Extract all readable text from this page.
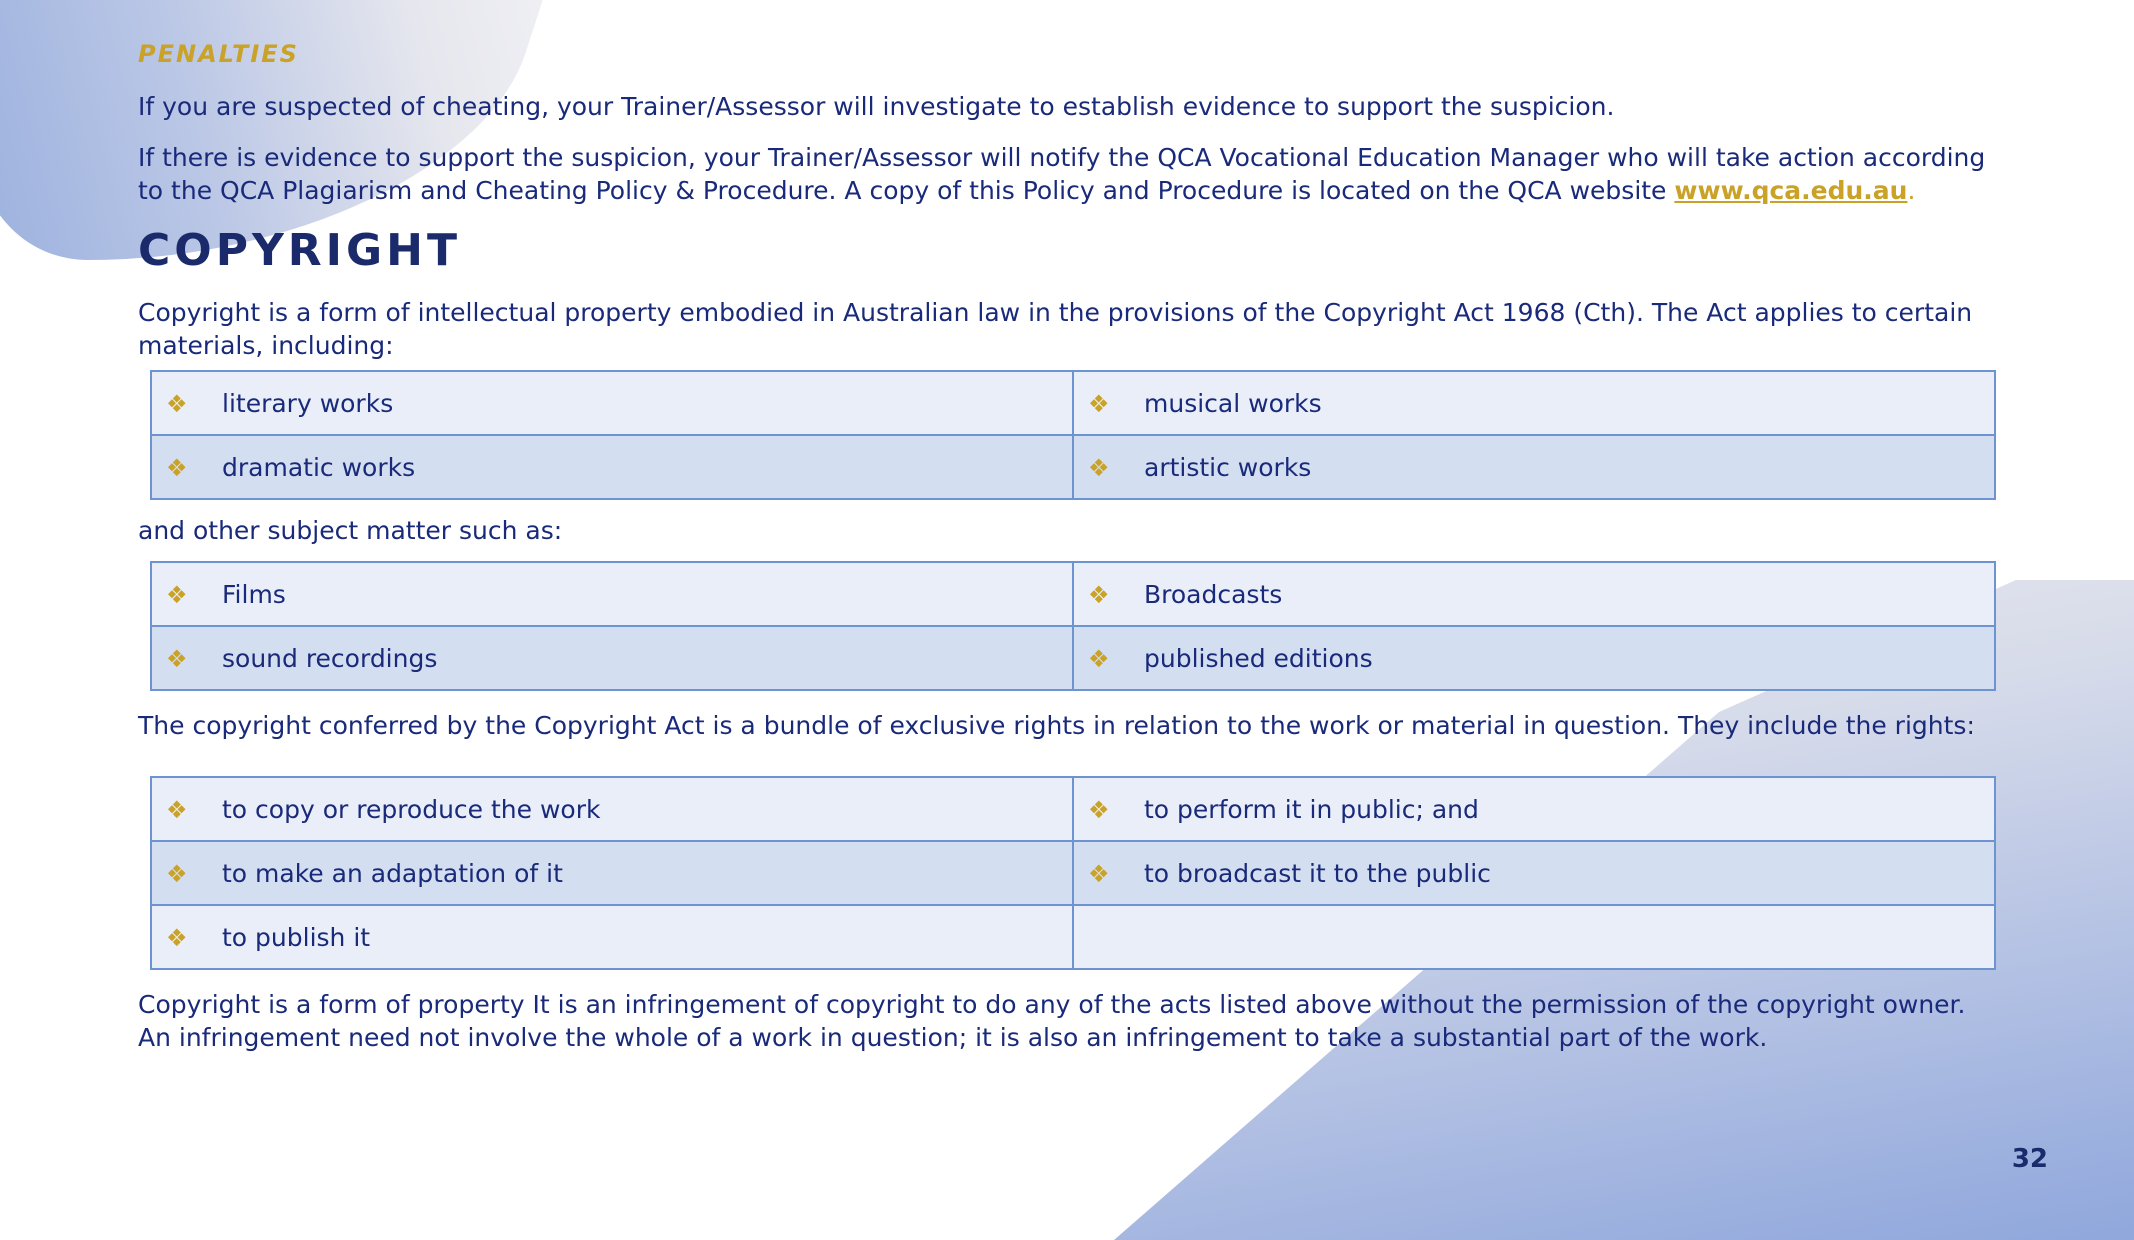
PENALTIES

If you are suspected of cheating, your Trainer/Assessor will investigate to establish evidence to support the suspicion.

If there is evidence to support the suspicion, your Trainer/Assessor will notify the QCA Vocational Education Manager who will take action according to the QCA Plagiarism and Cheating Policy & Procedure. A copy of this Policy and Procedure is located on the QCA website www.qca.edu.au.

COPYRIGHT

Copyright is a form of intellectual property embodied in Australian law in the provisions of the Copyright Act 1968 (Cth). The Act applies to certain materials, including:

❖ literary works	❖ musical works
❖ dramatic works	❖ artistic works

and other subject matter such as:

❖ Films	❖ Broadcasts
❖ sound recordings	❖ published editions

The copyright conferred by the Copyright Act is a bundle of exclusive rights in relation to the work or material in question. They include the rights:

❖ to copy or reproduce the work	❖ to perform it in public; and
❖ to make an adaptation of it	❖ to broadcast it to the public
❖ to publish it	

Copyright is a form of property It is an infringement of copyright to do any of the acts listed above without the permission of the copyright owner. An infringement need not involve the whole of a work in question; it is also an infringement to take a substantial part of the work.

32
